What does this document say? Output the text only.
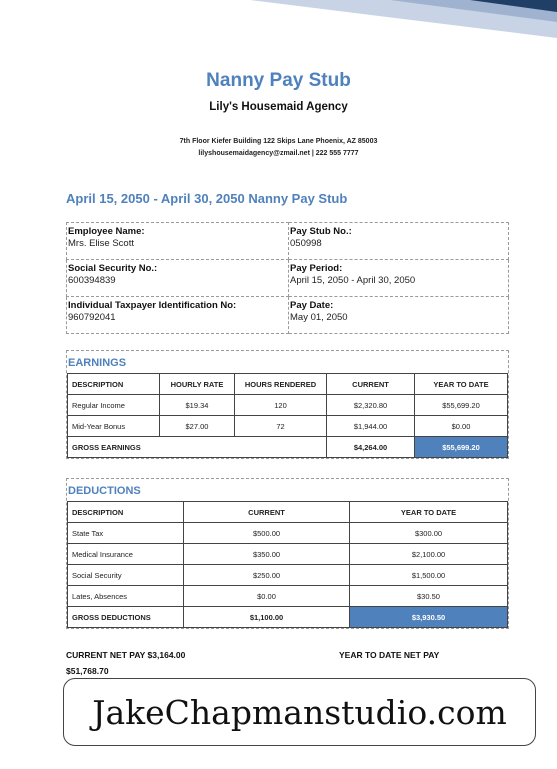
Nanny Pay Stub
Lily's Housemaid Agency
7th Floor Kiefer Building 122 Skips Lane Phoenix, AZ 85003
lilyshousemaidagency@zmail.net | 222 555 7777
April 15, 2050 - April 30, 2050 Nanny Pay Stub
Employee Name:
Mrs. Elise Scott	Pay Stub No.:
050998

Social Security No.:
600394839	Pay Period:
April 15, 2050 - April 30, 2050

Individual Taxpayer Identification No:
960792041	Pay Date:
May 01, 2050
EARNINGS
DESCRIPTION	HOURLY RATE	HOURS RENDERED	CURRENT	YEAR TO DATE
Regular Income	$19.34	120	$2,320.80	$55,699.20
Mid-Year Bonus	$27.00	72	$1,944.00	$0.00
GROSS EARNINGS			$4,264.00	$55,699.20
DEDUCTIONS
DESCRIPTION	CURRENT	YEAR TO DATE
State Tax	$500.00	$300.00
Medical Insurance	$350.00	$2,100.00
Social Security	$250.00	$1,500.00
Lates, Absences	$0.00	$30.50
GROSS DEDUCTIONS	$1,100.00	$3,930.50
CURRENT NET PAY $3,164.00	YEAR TO DATE NET PAY
$51,768.70
JakeChapmanstudio.com
